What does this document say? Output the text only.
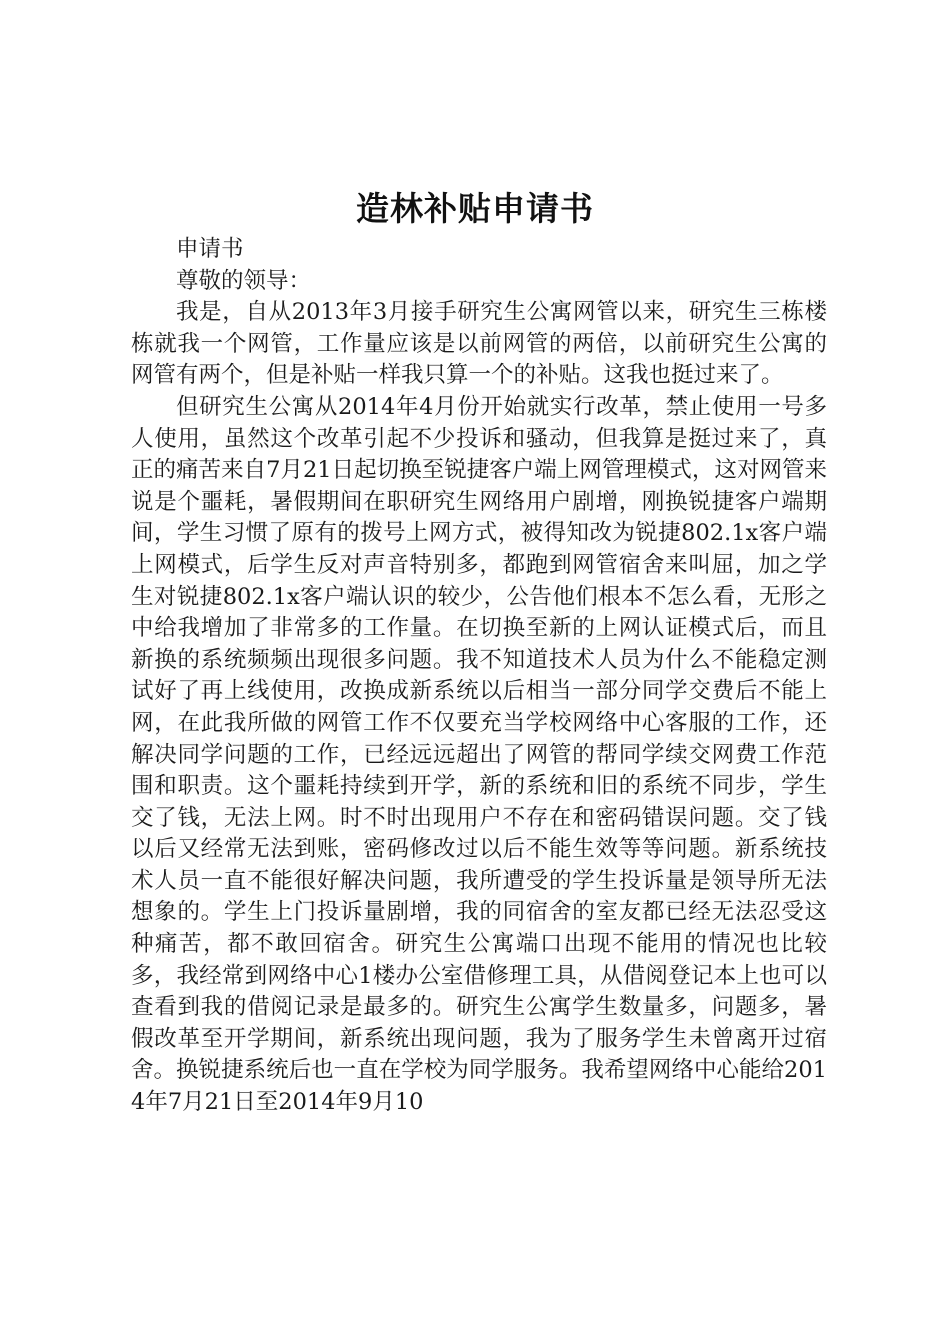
造林补贴申请书

申请书

尊敬的领导：

我是，自从2013年3月接手研究生公寓网管以来，研究生三栋楼栋就我一个网管，工作量应该是以前网管的两倍，以前研究生公寓的网管有两个，但是补贴一样我只算一个的补贴。这我也挺过来了。

但研究生公寓从2014年4月份开始就实行改革，禁止使用一号多人使用，虽然这个改革引起不少投诉和骚动，但我算是挺过来了，真正的痛苦来自7月21日起切换至锐捷客户端上网管理模式，这对网管来说是个噩耗，暑假期间在职研究生网络用户剧增，刚换锐捷客户端期间，学生习惯了原有的拨号上网方式，被得知改为锐捷802.1x客户端上网模式，后学生反对声音特别多，都跑到网管宿舍来叫屈，加之学生对锐捷802.1x客户端认识的较少，公告他们根本不怎么看，无形之中给我增加了非常多的工作量。在切换至新的上网认证模式后，而且新换的系统频频出现很多问题。我不知道技术人员为什么不能稳定测试好了再上线使用，改换成新系统以后相当一部分同学交费后不能上网，在此我所做的网管工作不仅要充当学校网络中心客服的工作，还解决同学问题的工作，已经远远超出了网管的帮同学续交网费工作范围和职责。这个噩耗持续到开学，新的系统和旧的系统不同步，学生交了钱，无法上网。时不时出现用户不存在和密码错误问题。交了钱以后又经常无法到账，密码修改过以后不能生效等等问题。新系统技术人员一直不能很好解决问题，我所遭受的学生投诉量是领导所无法想象的。学生上门投诉量剧增，我的同宿舍的室友都已经无法忍受这种痛苦，都不敢回宿舍。研究生公寓端口出现不能用的情况也比较多，我经常到网络中心1楼办公室借修理工具，从借阅登记本上也可以查看到我的借阅记录是最多的。研究生公寓学生数量多，问题多，暑假改革至开学期间，新系统出现问题，我为了服务学生未曾离开过宿舍。换锐捷系统后也一直在学校为同学服务。我希望网络中心能给2014年7月21日至2014年9月10
